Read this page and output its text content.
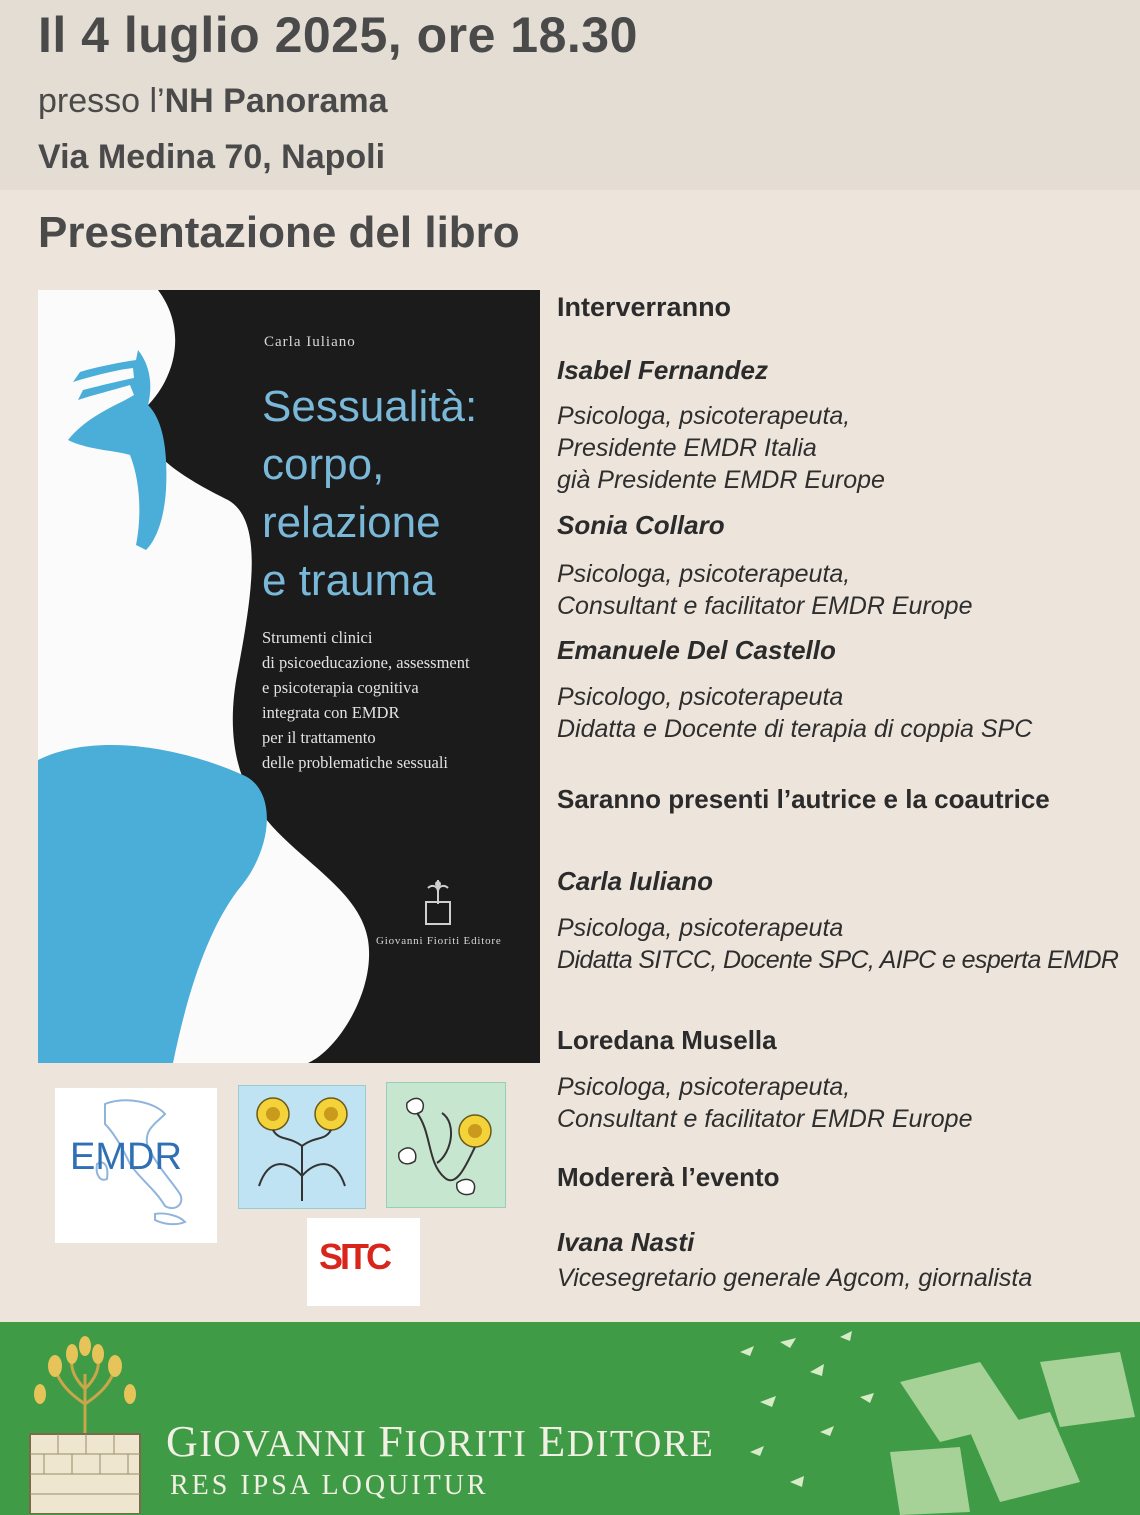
Il 4 luglio 2025, ore 18.30
presso l’NH Panorama
Via Medina 70, Napoli
Presentazione del libro
Carla Iuliano
Sessualità:
corpo,
relazione
e trauma
Strumenti clinici
di psicoeducazione, assessment
e psicoterapia cognitiva
integrata con EMDR
per il trattamento
delle problematiche sessuali
Giovanni Fioriti Editore
Interverranno
Isabel Fernandez
Psicologa, psicoterapeuta,
Presidente EMDR Italia
già Presidente EMDR Europe
Sonia Collaro
Psicologa, psicoterapeuta,
Consultant e facilitator EMDR Europe
Emanuele Del Castello
Psicologo, psicoterapeuta
Didatta e Docente di terapia di coppia SPC
Saranno presenti l’autrice e la coautrice
Carla Iuliano
Psicologa, psicoterapeuta
Didatta SITCC, Docente SPC, AIPC e esperta EMDR
Loredana Musella
Psicologa, psicoterapeuta,
Consultant e facilitator EMDR Europe
Modererà l’evento
Ivana Nasti
Vicesegretario generale Agcom, giornalista
EMDR
SITC
GIOVANNI FIORITI EDITORE
RES IPSA LOQUITUR
